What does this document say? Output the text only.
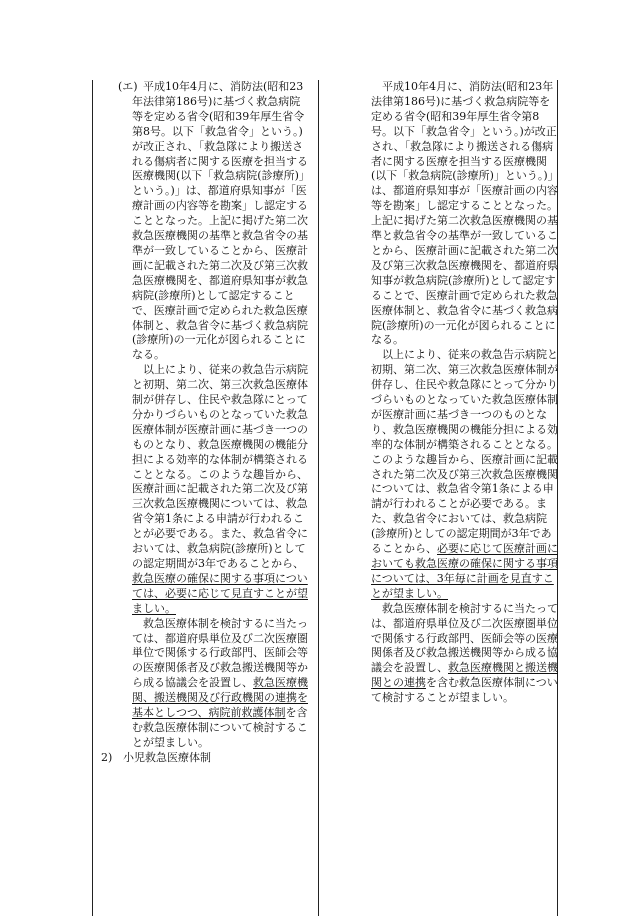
(エ) 平成10年4月に、消防法(昭和23年法律第186号)に基づく救急病院等を定める省令(昭和39年厚生省令第8号。以下「救急省令」という。)が改正され、「救急隊により搬送される傷病者に関する医療を担当する医療機関(以下「救急病院(診療所)」という。)」は、都道府県知事が「医療計画の内容等を勘案」し認定することとなった。上記に掲げた第二次救急医療機関の基準と救急省令の基準が一致していることから、医療計画に記載された第二次及び第三次救急医療機関を、都道府県知事が救急病院(診療所)として認定することで、医療計画で定められた救急医療体制と、救急省令に基づく救急病院(診療所)の一元化が図られることになる。

以上により、従来の救急告示病院と初期、第二次、第三次救急医療体制が併存し、住民や救急隊にとって分かりづらいものとなっていた救急医療体制が医療計画に基づき一つのものとなり、救急医療機関の機能分担による効率的な体制が構築されることとなる。このような趣旨から、医療計画に記載された第二次及び第三次救急医療機関については、救急省令第1条による申請が行われることが必要である。また、救急省令においては、救急病院(診療所)としての認定期間が3年であることから、救急医療の確保に関する事項については、必要に応じて見直すことが望ましい。

救急医療体制を検討するに当たっては、都道府県単位及び二次医療圏単位で関係する行政部門、医師会等の医療関係者及び救急搬送機関等から成る協議会を設置し、救急医療機関、搬送機関及び行政機関の連携を基本としつつ、病院前救護体制を含む救急医療体制について検討することが望ましい。

2) 小児救急医療体制

平成10年4月に、消防法(昭和23年法律第186号)に基づく救急病院等を定める省令(昭和39年厚生省令第8号。以下「救急省令」という。)が改正され、「救急隊により搬送される傷病者に関する医療を担当する医療機関(以下「救急病院(診療所)」という。)」は、都道府県知事が「医療計画の内容等を勘案」し認定することとなった。上記に掲げた第二次救急医療機関の基準と救急省令の基準が一致していることから、医療計画に記載された第二次及び第三次救急医療機関を、都道府県知事が救急病院(診療所)として認定することで、医療計画で定められた救急医療体制と、救急省令に基づく救急病院(診療所)の一元化が図られることになる。

以上により、従来の救急告示病院と初期、第二次、第三次救急医療体制が併存し、住民や救急隊にとって分かりづらいものとなっていた救急医療体制が医療計画に基づき一つのものとなり、救急医療機関の機能分担による効率的な体制が構築されることとなる。このような趣旨から、医療計画に記載された第二次及び第三次救急医療機関については、救急省令第1条による申請が行われることが必要である。また、救急省令においては、救急病院(診療所)としての認定期間が3年であることから、必要に応じて医療計画においても救急医療の確保に関する事項については、3年毎に計画を見直すことが望ましい。

救急医療体制を検討するに当たっては、都道府県単位及び二次医療圏単位で関係する行政部門、医師会等の医療関係者及び救急搬送機関等から成る協議会を設置し、救急医療機関と搬送機関との連携を含む救急医療体制について検討することが望ましい。
